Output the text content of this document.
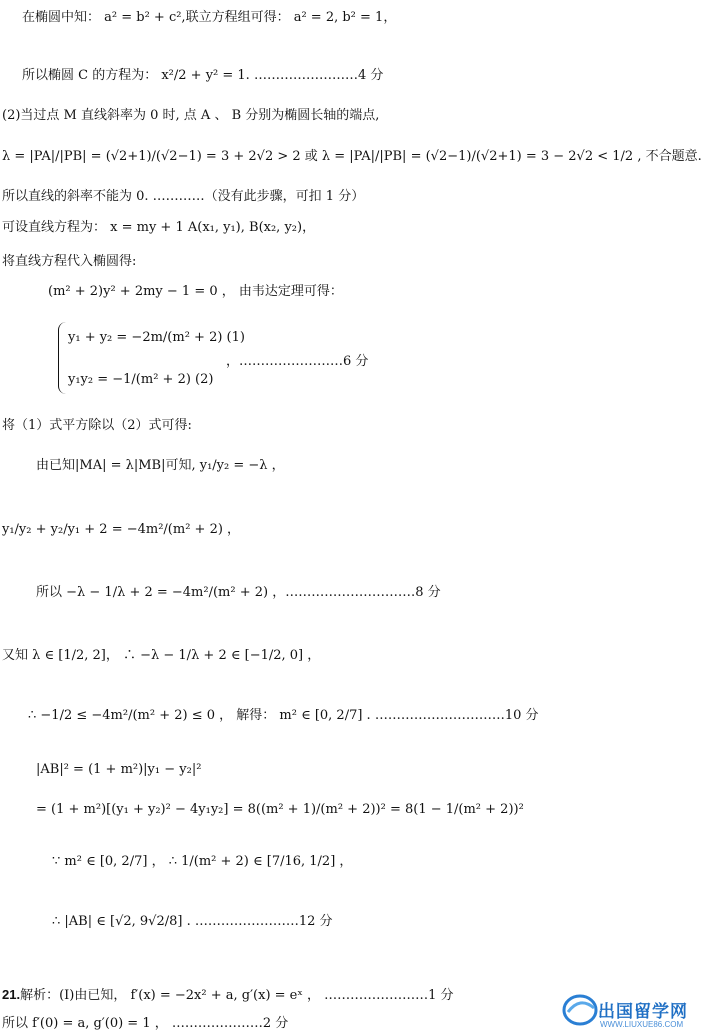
在椭圆中知： a² = b² + c²,联立方程组可得： a² = 2, b² = 1，
所以椭圆 C 的方程为： x²/2 + y² = 1. ……………………4 分
(2)当过点 M 直线斜率为 0 时, 点 A 、 B 分别为椭圆长轴的端点,
λ = |PA|/|PB| = (√2+1)/(√2−1) = 3 + 2√2 > 2 或 λ = |PA|/|PB| = (√2−1)/(√2+1) = 3 − 2√2 < 1/2 , 不合题意.
所以直线的斜率不能为 0. …………（没有此步骤，可扣 1 分）
可设直线方程为： x = my + 1 A(x₁, y₁), B(x₂, y₂)，
将直线方程代入椭圆得:
(m² + 2)y² + 2my − 1 = 0 ， 由韦达定理可得：
y₁ + y₂ = −2m/(m² + 2) (1)
y₁y₂ = −1/(m² + 2) (2)
，……………………6 分
将（1）式平方除以（2）式可得:
由已知|MA| = λ|MB|可知, y₁/y₂ = −λ ，
y₁/y₂ + y₂/y₁ + 2 = −4m²/(m² + 2) ，
所以 −λ − 1/λ + 2 = −4m²/(m² + 2) ，…………………………8 分
又知 λ ∈ [1/2, 2]， ∴ −λ − 1/λ + 2 ∈ [−1/2, 0] ，
∴ −1/2 ≤ −4m²/(m² + 2) ≤ 0 ， 解得： m² ∈ [0, 2/7] . …………………………10 分
|AB|² = (1 + m²)|y₁ − y₂|²
= (1 + m²)[(y₁ + y₂)² − 4y₁y₂] = 8((m² + 1)/(m² + 2))² = 8(1 − 1/(m² + 2))²
∵ m² ∈ [0, 2/7] ， ∴ 1/(m² + 2) ∈ [7/16, 1/2] ，
∴ |AB| ∈ [√2, 9√2/8] . ……………………12 分
21.解析：(Ⅰ)由已知， f′(x) = −2x² + a, g′(x) = eˣ ， ……………………1 分
所以 f′(0) = a, g′(0) = 1 ， …………………2 分
出国留学网
WWW.LIUXUE86.COM
